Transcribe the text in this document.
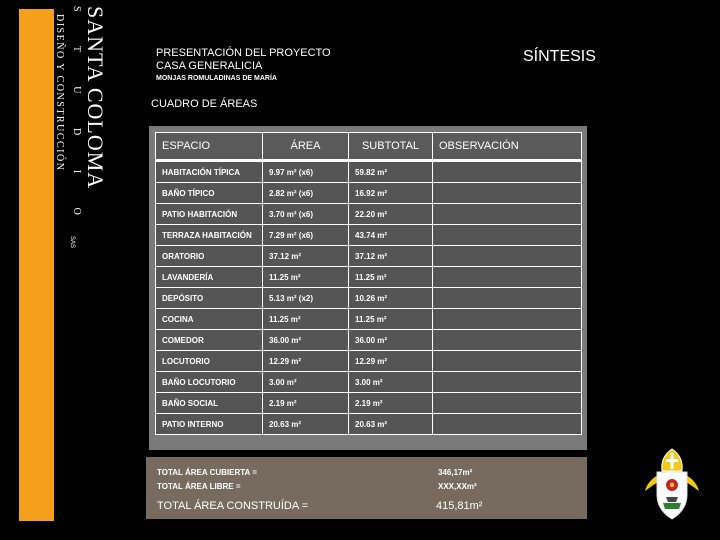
SANTA COLOMA
S T U D I O
SAS
DISEÑO Y CONSTRUCCIÓN	PRESENTACIÓN DEL PROYECTO
CASA GENERALICIA
MONJAS ROMULADINAS DE MARÍA
SÍNTESIS
CUADRO DE ÁREAS
ESPACIO	ÁREA	SUBTOTAL	OBSERVACIÓN
HABITACIÓN TÍPICA	9.97 m² (x6)	59.82 m²	
BAÑO TÍPICO	2.82 m² (x6)	16.92 m²	
PATIO HABITACIÓN	3.70 m² (x6)	22.20 m²	
TERRAZA HABITACIÓN	7.29 m² (x6)	43.74 m²	
ORATORIO	37.12 m²	37.12 m²	
LAVANDERÍA	11.25 m²	11.25 m²	
DEPÓSITO	5.13 m² (x2)	10.26 m²	
COCINA	11.25 m²	11.25 m²	
COMEDOR	36.00 m²	36.00 m²	
LOCUTORIO	12.29 m²	12.29 m²	
BAÑO LOCUTORIO	3.00 m²	3.00 m²	
BAÑO SOCIAL	2.19 m²	2.19 m²	
PATIO INTERNO	20.63 m²	20.63 m²	
TOTAL ÁREA CUBIERTA =	346,17m²
TOTAL ÁREA LIBRE =	XXX,XXm²
TOTAL ÁREA CONSTRUÍDA =	415,81m²
